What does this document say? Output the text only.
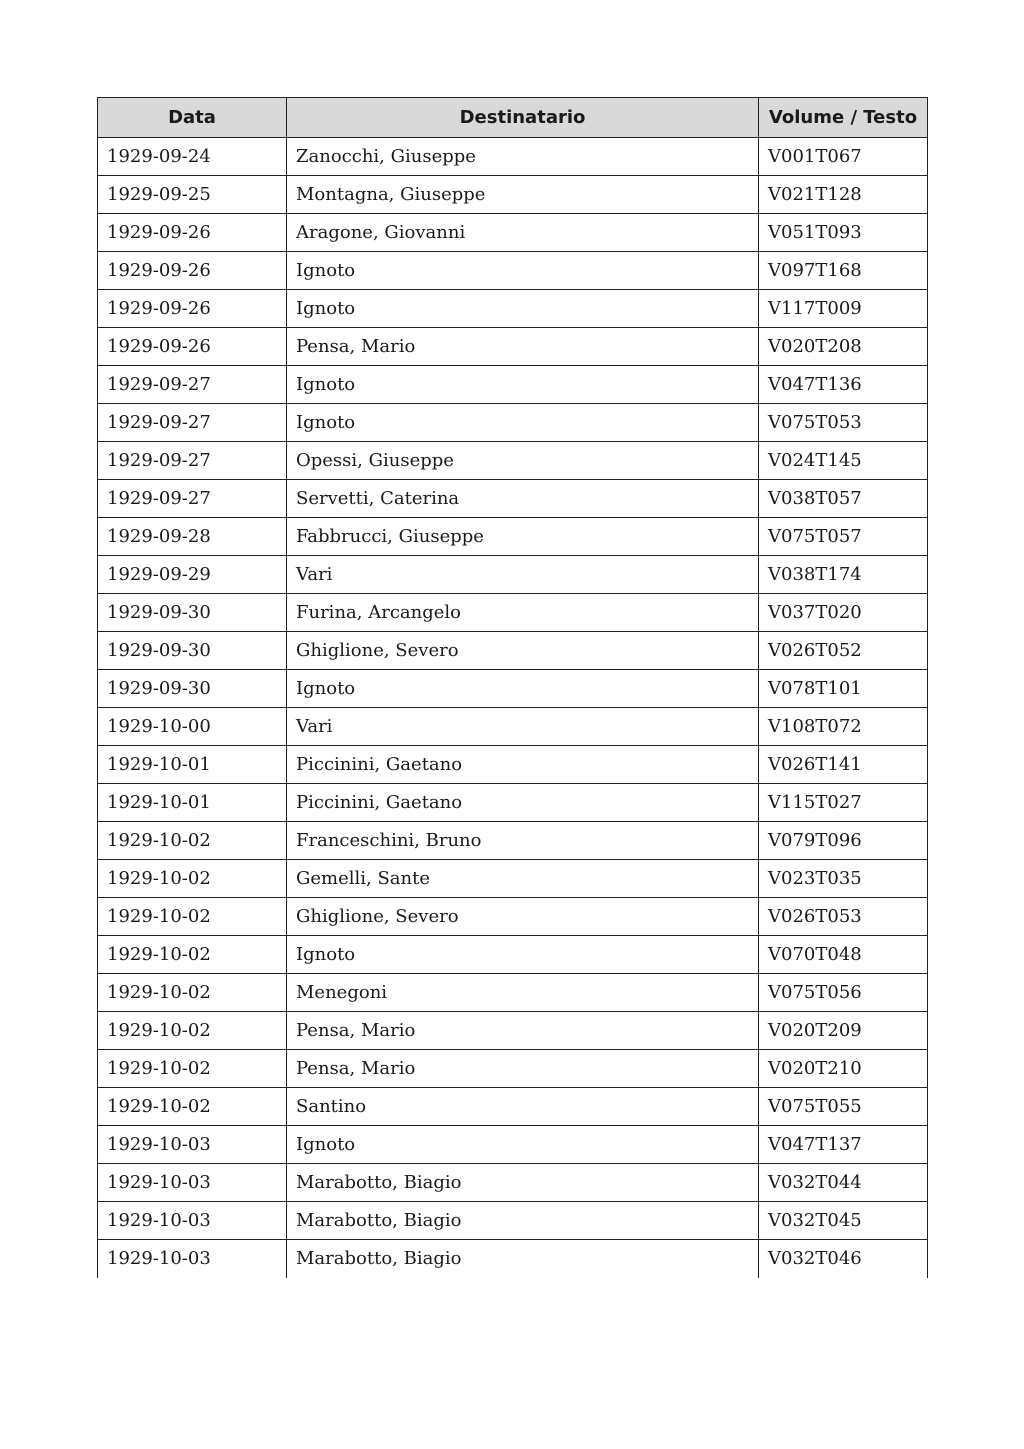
Data	Destinatario	Volume / Testo
1929-09-24	Zanocchi, Giuseppe	V001T067
1929-09-25	Montagna, Giuseppe	V021T128
1929-09-26	Aragone, Giovanni	V051T093
1929-09-26	Ignoto	V097T168
1929-09-26	Ignoto	V117T009
1929-09-26	Pensa, Mario	V020T208
1929-09-27	Ignoto	V047T136
1929-09-27	Ignoto	V075T053
1929-09-27	Opessi, Giuseppe	V024T145
1929-09-27	Servetti, Caterina	V038T057
1929-09-28	Fabbrucci, Giuseppe	V075T057
1929-09-29	Vari	V038T174
1929-09-30	Furina, Arcangelo	V037T020
1929-09-30	Ghiglione, Severo	V026T052
1929-09-30	Ignoto	V078T101
1929-10-00	Vari	V108T072
1929-10-01	Piccinini, Gaetano	V026T141
1929-10-01	Piccinini, Gaetano	V115T027
1929-10-02	Franceschini, Bruno	V079T096
1929-10-02	Gemelli, Sante	V023T035
1929-10-02	Ghiglione, Severo	V026T053
1929-10-02	Ignoto	V070T048
1929-10-02	Menegoni	V075T056
1929-10-02	Pensa, Mario	V020T209
1929-10-02	Pensa, Mario	V020T210
1929-10-02	Santino	V075T055
1929-10-03	Ignoto	V047T137
1929-10-03	Marabotto, Biagio	V032T044
1929-10-03	Marabotto, Biagio	V032T045
1929-10-03	Marabotto, Biagio	V032T046
